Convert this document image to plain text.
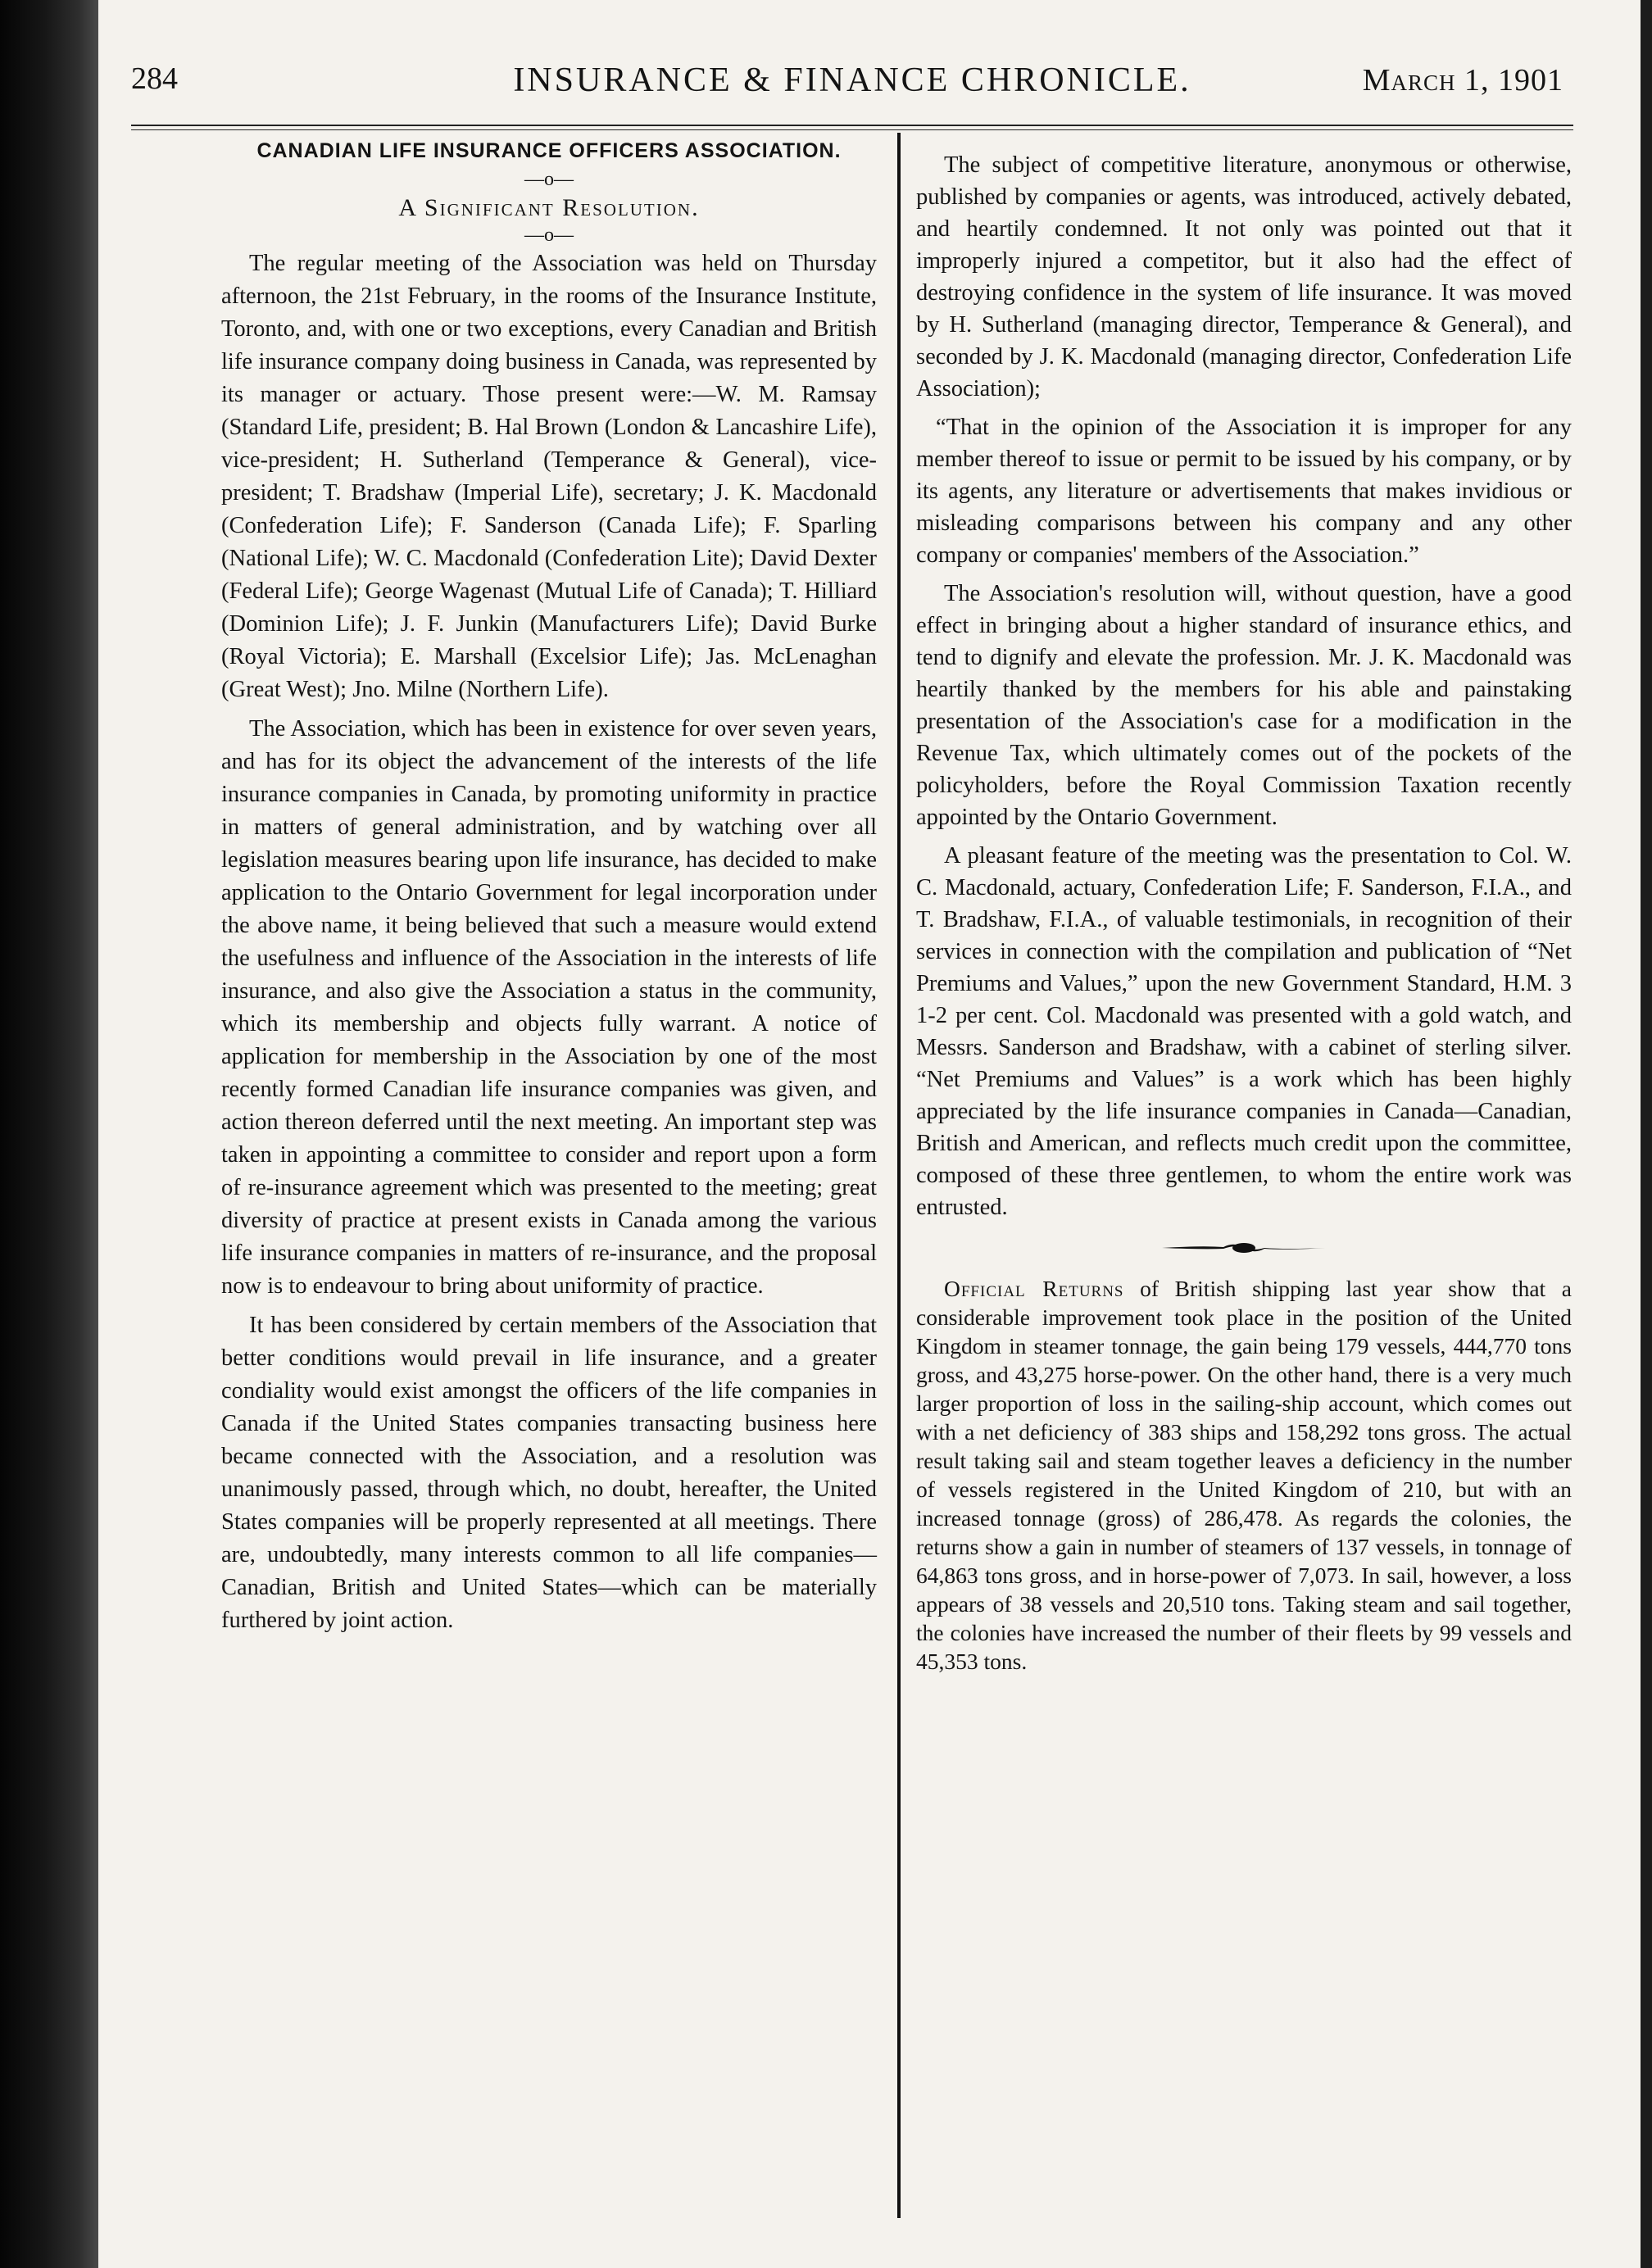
284	INSURANCE & FINANCE CHRONICLE.	March 1, 1901
CANADIAN LIFE INSURANCE OFFICERS ASSOCIATION.
—o—
A Significant Resolution.
—o—

The regular meeting of the Association was held on Thursday afternoon, the 21st February, in the rooms of the Insurance Institute, Toronto, and, with one or two exceptions, every Canadian and British life insurance company doing business in Canada, was represented by its manager or actuary. Those present were:—W. M. Ramsay (Standard Life, president; B. Hal Brown (London & Lancashire Life), vice-president; H. Sutherland (Temperance & General), vice-president; T. Bradshaw (Imperial Life), secretary; J. K. Macdonald (Confederation Life); F. Sanderson (Canada Life); F. Sparling (National Life); W. C. Macdonald (Confederation Lite); David Dexter (Federal Life); George Wagenast (Mutual Life of Canada); T. Hilliard (Dominion Life); J. F. Junkin (Manufacturers Life); David Burke (Royal Victoria); E. Marshall (Excelsior Life); Jas. McLenaghan (Great West); Jno. Milne (Northern Life).

The Association, which has been in existence for over seven years, and has for its object the advancement of the interests of the life insurance companies in Canada, by promoting uniformity in practice in matters of general administration, and by watching over all legislation measures bearing upon life insurance, has decided to make application to the Ontario Government for legal incorporation under the above name, it being believed that such a measure would extend the usefulness and influence of the Association in the interests of life insurance, and also give the Association a status in the community, which its membership and objects fully warrant. A notice of application for membership in the Association by one of the most recently formed Canadian life insurance companies was given, and action thereon deferred until the next meeting. An important step was taken in appointing a committee to consider and report upon a form of re-insurance agreement which was presented to the meeting; great diversity of practice at present exists in Canada among the various life insurance companies in matters of re-insurance, and the proposal now is to endeavour to bring about uniformity of practice.

It has been considered by certain members of the Association that better conditions would prevail in life insurance, and a greater condiality would exist amongst the officers of the life companies in Canada if the United States companies transacting business here became connected with the Association, and a resolution was unanimously passed, through which, no doubt, hereafter, the United States companies will be properly represented at all meetings. There are, undoubtedly, many interests common to all life companies—Canadian, British and United States—which can be materially furthered by joint action.

The subject of competitive literature, anonymous or otherwise, published by companies or agents, was introduced, actively debated, and heartily condemned. It not only was pointed out that it improperly injured a competitor, but it also had the effect of destroying confidence in the system of life insurance. It was moved by H. Sutherland (managing director, Temperance & General), and seconded by J. K. Macdonald (managing director, Confederation Life Association);

“That in the opinion of the Association it is improper for any member thereof to issue or permit to be issued by his company, or by its agents, any literature or advertisements that makes invidious or misleading comparisons between his company and any other company or companies' members of the Association.”

The Association's resolution will, without question, have a good effect in bringing about a higher standard of insurance ethics, and tend to dignify and elevate the profession. Mr. J. K. Macdonald was heartily thanked by the members for his able and painstaking presentation of the Association's case for a modification in the Revenue Tax, which ultimately comes out of the pockets of the policyholders, before the Royal Commission Taxation recently appointed by the Ontario Government.

A pleasant feature of the meeting was the presentation to Col. W. C. Macdonald, actuary, Confederation Life; F. Sanderson, F.I.A., and T. Bradshaw, F.I.A., of valuable testimonials, in recognition of their services in connection with the compilation and publication of “Net Premiums and Values,” upon the new Government Standard, H.M. 3 1-2 per cent. Col. Macdonald was presented with a gold watch, and Messrs. Sanderson and Bradshaw, with a cabinet of sterling silver. “Net Premiums and Values” is a work which has been highly appreciated by the life insurance companies in Canada—Canadian, British and American, and reflects much credit upon the committee, composed of these three gentlemen, to whom the entire work was entrusted.

Official Returns of British shipping last year show that a considerable improvement took place in the position of the United Kingdom in steamer tonnage, the gain being 179 vessels, 444,770 tons gross, and 43,275 horse-power. On the other hand, there is a very much larger proportion of loss in the sailing-ship account, which comes out with a net deficiency of 383 ships and 158,292 tons gross. The actual result taking sail and steam together leaves a deficiency in the number of vessels registered in the United Kingdom of 210, but with an increased tonnage (gross) of 286,478. As regards the colonies, the returns show a gain in number of steamers of 137 vessels, in tonnage of 64,863 tons gross, and in horse-power of 7,073. In sail, however, a loss appears of 38 vessels and 20,510 tons. Taking steam and sail together, the colonies have increased the number of their fleets by 99 vessels and 45,353 tons.
